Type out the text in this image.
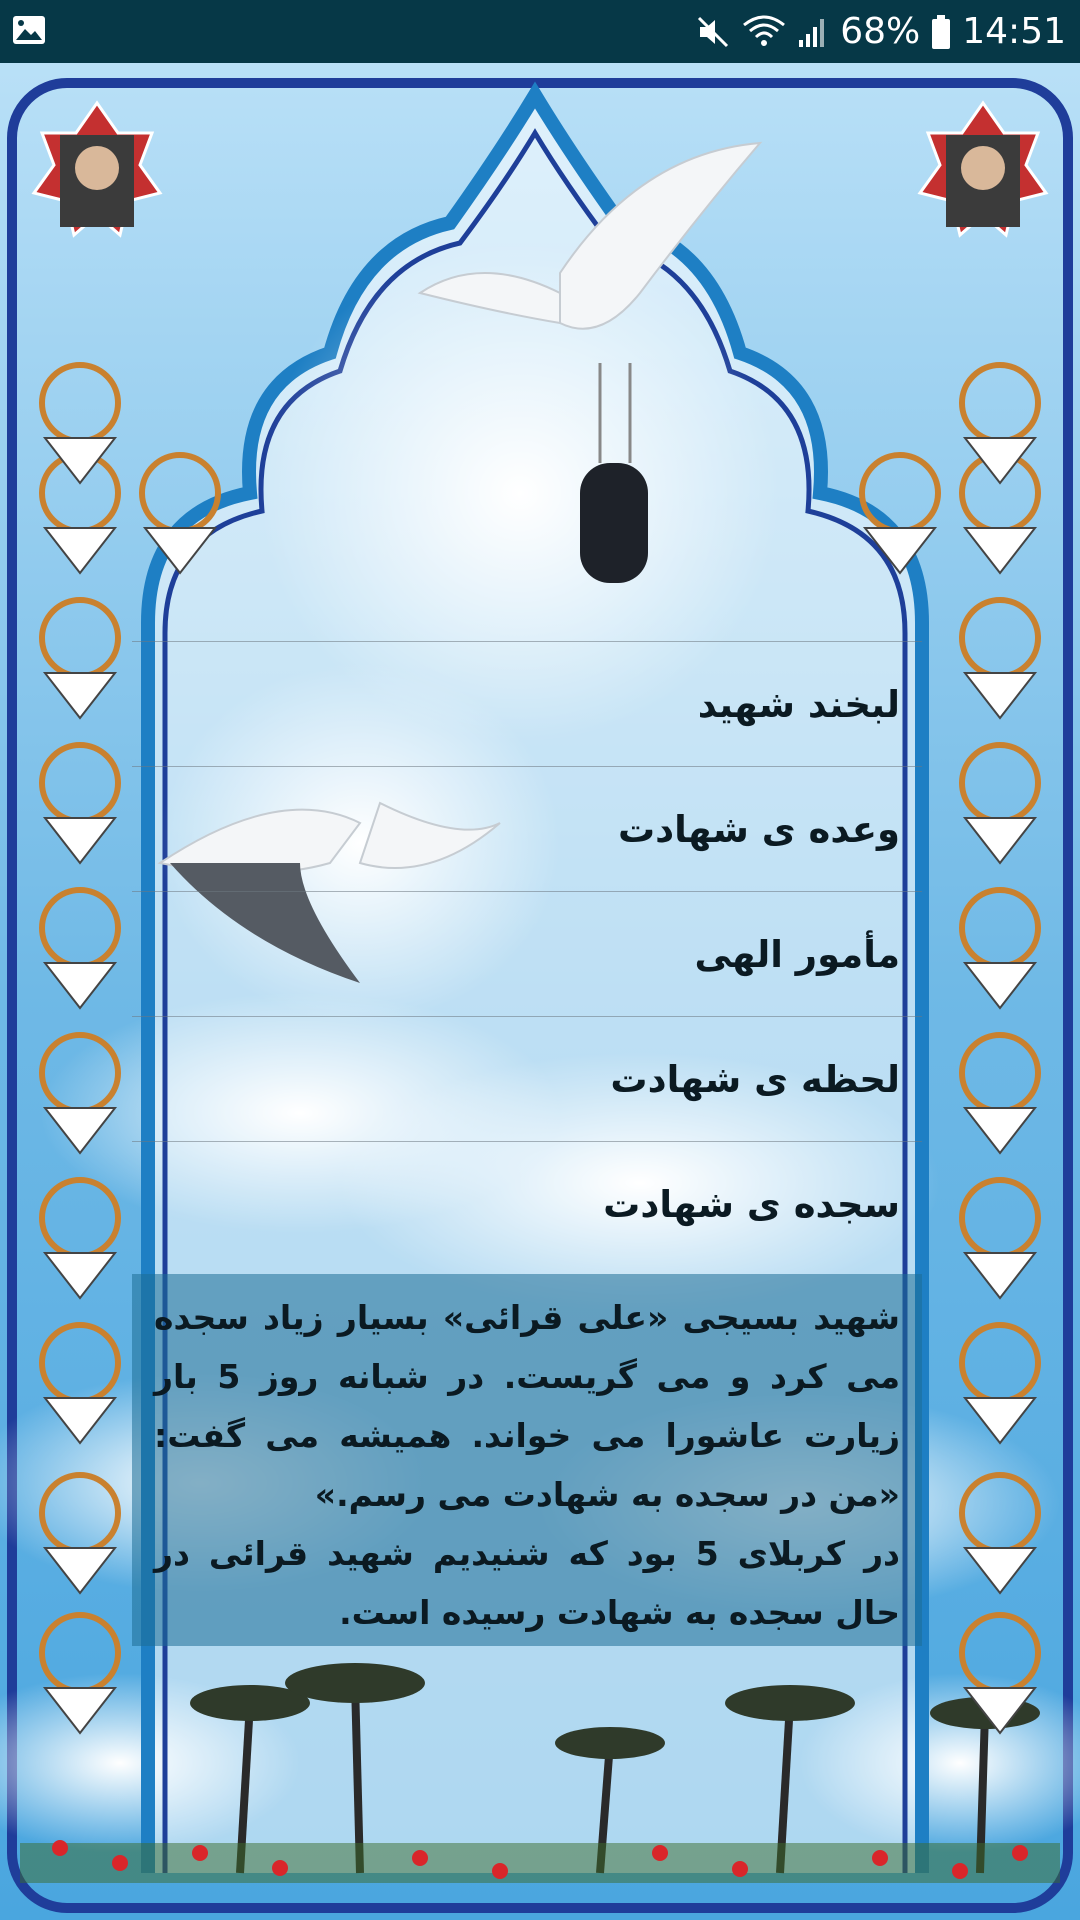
68% 14:51
لبخند شهید
وعده ی شهادت
مأمور الهی
لحظه ی شهادت
سجده ی شهادت

شهید بسیجی «علی قرائی» بسیار زیاد سجده می کرد و می گریست. در شبانه روز 5 بار زیارت عاشورا می خواند. همیشه می گفت: «من در سجده به شهادت می رسم.»

در کربلای 5 بود که شنیدیم شهید قرائی در حال سجده به شهادت رسیده است.
